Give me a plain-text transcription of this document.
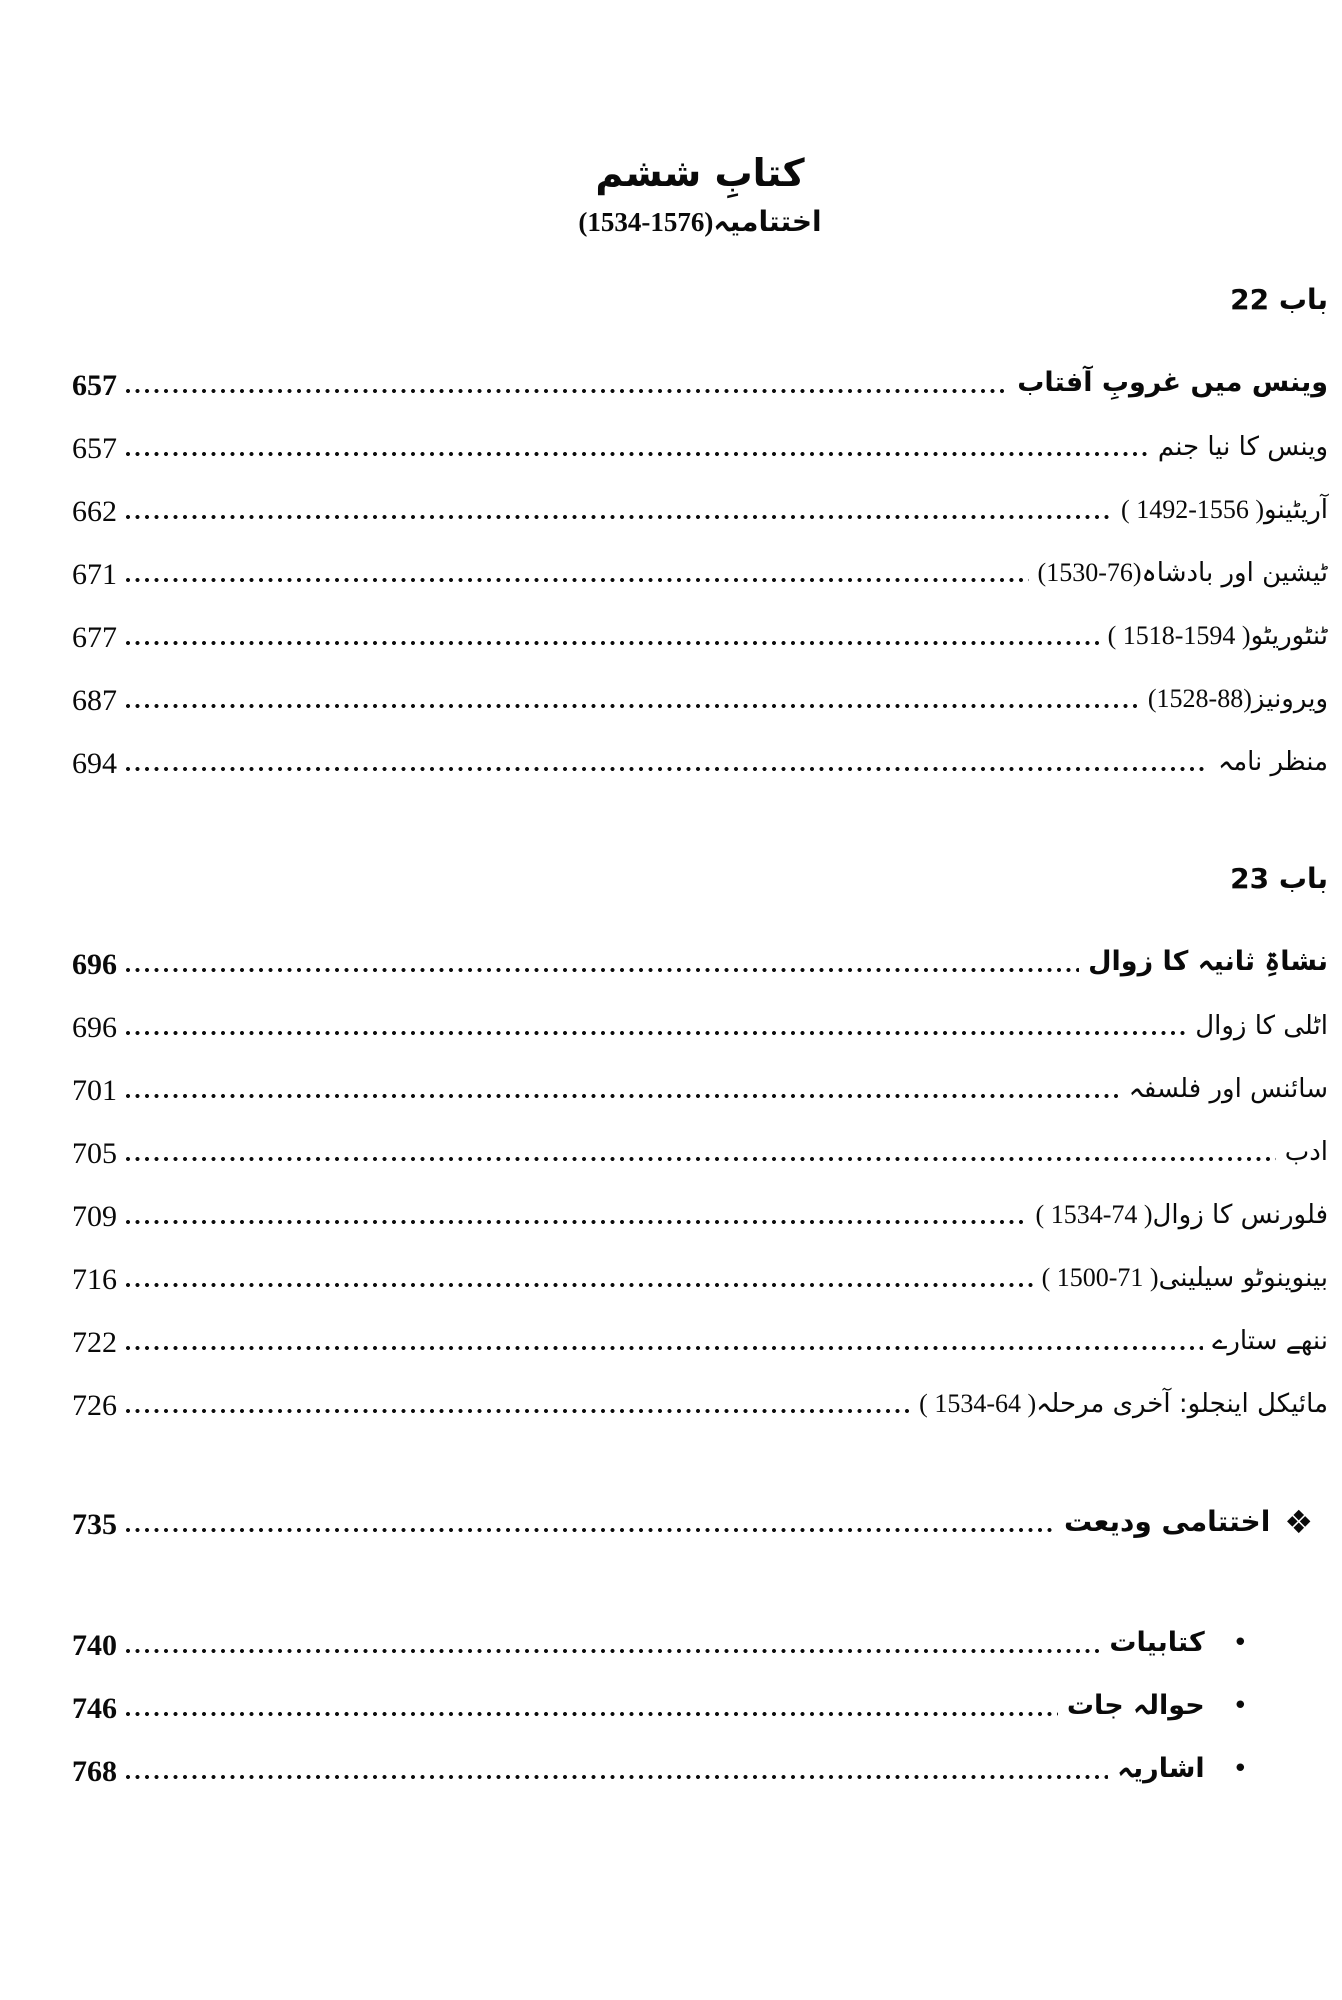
کتابِ ششم
اختتامیہ(1534-1576)
باب 22
وینس میں غروبِ آفتاب
657
وینس کا نیا جنم
657
آریٹینو( 1492-1556 )
662
ٹیشین اور بادشاہ(1530-76)
671
ٹنٹوریٹو( 1518-1594 )
677
ویرونیز(1528-88)
687
منظر نامہ
694
باب 23
نشاۃِ ثانیہ کا زوال
696
اٹلی کا زوال
696
سائنس اور فلسفہ
701
ادب
705
فلورنس کا زوال( 1534-74 )
709
بینوینوٹو سیلینی( 1500-71 )
716
ننھے ستارے
722
مائیکل اینجلو: آخری مرحلہ( 1534-64 )
726
❖
اختتامی ودیعت
735
•
کتابیات
740
•
حوالہ جات
746
•
اشاریہ
768
